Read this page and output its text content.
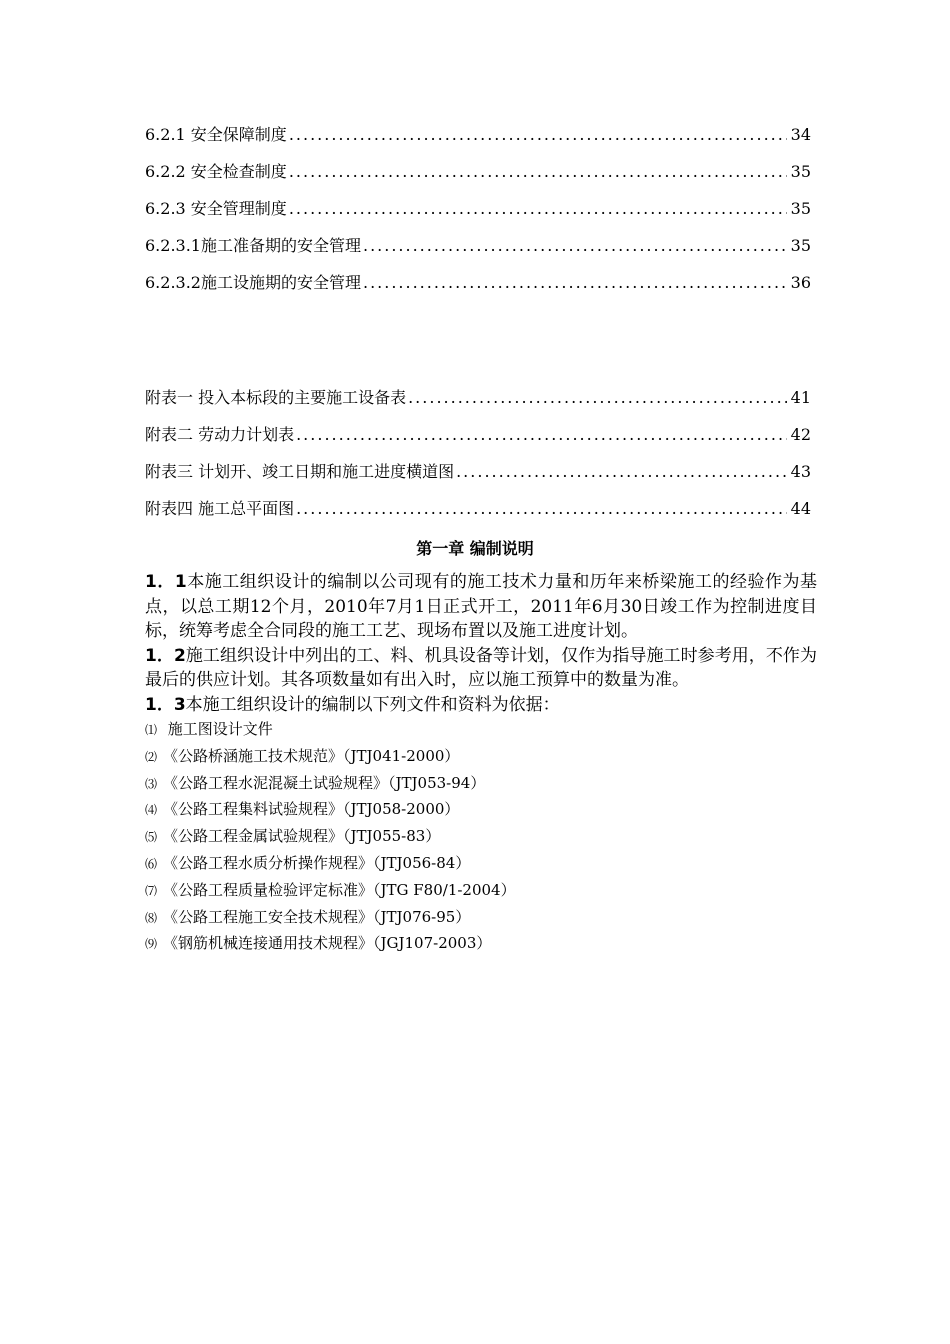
6.2.1 安全保障制度 .....	34
6.2.2 安全检查制度 .....	35
6.2.3 安全管理制度 .....	35
6.2.3.1施工准备期的安全管理 .....	35
6.2.3.2施工设施期的安全管理 .....	36
附表一 投入本标段的主要施工设备表 .....	41
附表二 劳动力计划表 .....	42
附表三 计划开、竣工日期和施工进度横道图 .....	43
附表四 施工总平面图 .....	44
第一章 编制说明

1．1本施工组织设计的编制以公司现有的施工技术力量和历年来桥梁施工的经验作为基点，以总工期12个月，2010年7月1日正式开工，2011年6月30日竣工作为控制进度目标，统筹考虑全合同段的施工工艺、现场布置以及施工进度计划。

1．2施工组织设计中列出的工、料、机具设备等计划，仅作为指导施工时参考用，不作为最后的供应计划。其各项数量如有出入时，应以施工预算中的数量为准。

1．3本施工组织设计的编制以下列文件和资料为依据：

⑴ 施工图设计文件
⑵ 《公路桥涵施工技术规范》（JTJ041-2000）
⑶ 《公路工程水泥混凝土试验规程》（JTJ053-94）
⑷ 《公路工程集料试验规程》（JTJ058-2000）
⑸ 《公路工程金属试验规程》（JTJ055-83）
⑹ 《公路工程水质分析操作规程》（JTJ056-84）
⑺ 《公路工程质量检验评定标准》（JTG F80/1-2004）
⑻ 《公路工程施工安全技术规程》（JTJ076-95）
⑼ 《钢筋机械连接通用技术规程》（JGJ107-2003）
